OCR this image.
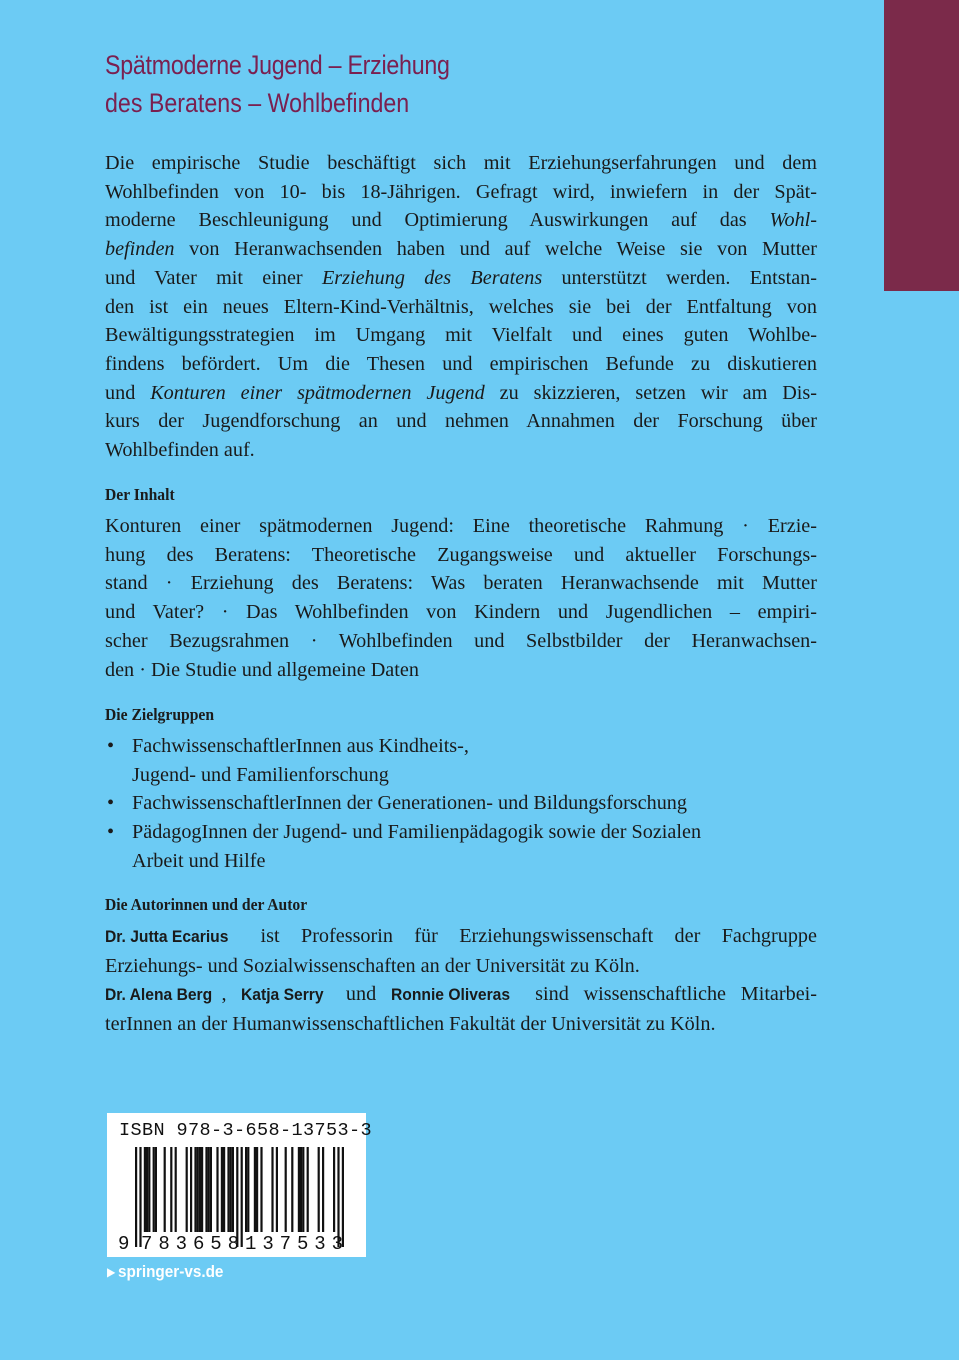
Spätmoderne Jugend – Erziehung
des Beratens – Wohlbefinden
Die empirische Studie beschäftigt sich mit Erziehungserfahrungen und dem
Wohlbefinden von 10- bis 18-Jährigen. Gefragt wird, inwiefern in der Spät-
moderne Beschleunigung und Optimierung Auswirkungen auf das Wohl-
befinden von Heranwachsenden haben und auf welche Weise sie von Mutter
und Vater mit einer Erziehung des Beratens unterstützt werden. Entstan-
den ist ein neues Eltern-Kind-Verhältnis, welches sie bei der Entfaltung von
Bewältigungsstrategien im Umgang mit Vielfalt und eines guten Wohlbe-
findens befördert. Um die Thesen und empirischen Befunde zu diskutieren
und Konturen einer spätmodernen Jugend zu skizzieren, setzen wir am Dis-
kurs der Jugendforschung an und nehmen Annahmen der Forschung über
Wohlbefinden auf.
Der Inhalt
Konturen einer spätmodernen Jugend: Eine theoretische Rahmung · Erzie-
hung des Beratens: Theoretische Zugangsweise und aktueller Forschungs-
stand · Erziehung des Beratens: Was beraten Heranwachsende mit Mutter
und Vater? · Das Wohlbefinden von Kindern und Jugendlichen – empiri-
scher Bezugsrahmen · Wohlbefinden und Selbstbilder der Heranwachsen-
den · Die Studie und allgemeine Daten
Die Zielgruppen
• FachwissenschaftlerInnen aus Kindheits-,
Jugend- und Familienforschung
• FachwissenschaftlerInnen der Generationen- und Bildungsforschung
• PädagogInnen der Jugend- und Familienpädagogik sowie der Sozialen
Arbeit und Hilfe
Die Autorinnen und der Autor
Dr. Jutta Ecarius ist Professorin für Erziehungswissenschaft der Fachgruppe
Erziehungs- und Sozialwissenschaften an der Universität zu Köln.
Dr. Alena Berg , Katja Serry und Ronnie Oliveras sind wissenschaftliche Mitarbei-
terInnen an der Humanwissenschaftlichen Fakultät der Universität zu Köln.
9 783658 137533

ISBN 978-3-658-13753-3

▶ springer-vs.de
